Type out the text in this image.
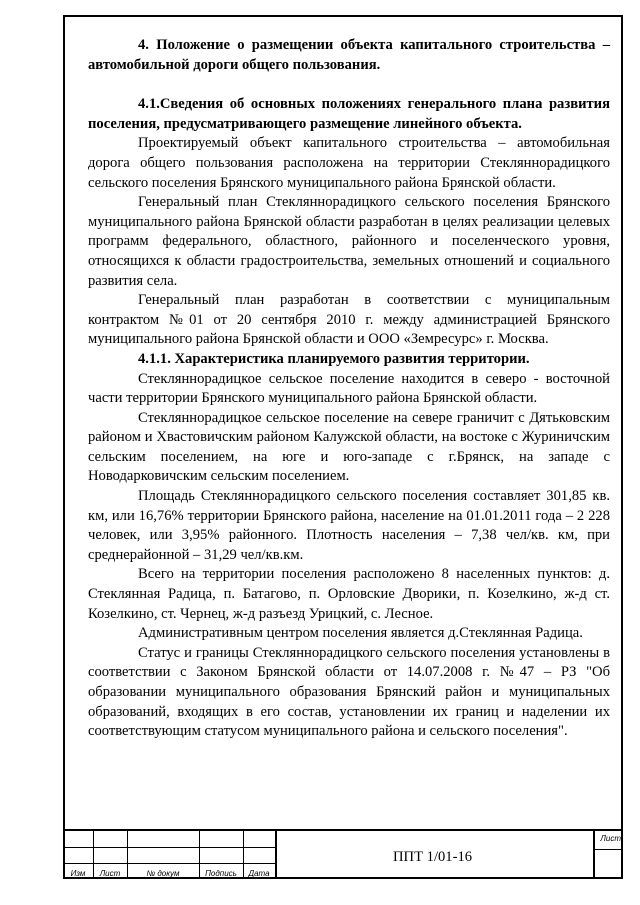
4. Положение о размещении объекта капитального строительства – автомобильной дороги общего пользования.
4.1.Сведения об основных положениях генерального плана развития поселения, предусматривающего размещение линейного объекта.

Проектируемый объект капитального строительства – автомобильная дорога общего пользования расположена на территории Стекляннорадицкого сельского поселения Брянского муниципального района Брянской области.

Генеральный план Стекляннорадицкого сельского поселения Брянского муниципального района Брянской области разработан в целях реализации целевых программ федерального, областного, районного и поселенческого уровня, относящихся к области градостроительства, земельных отношений и социального развития села.

Генеральный план разработан в соответствии с муниципальным контрактом №01 от 20 сентября 2010 г. между администрацией Брянского муниципального района Брянской области и ООО «Земресурс» г. Москва.

4.1.1. Характеристика планируемого развития территории.

Стекляннорадицкое сельское поселение находится в северо - восточной части территории Брянского муниципального района Брянской области.

Стекляннорадицкое сельское поселение на севере граничит с Дятьковским районом и Хвастовичским районом Калужской области, на востоке с Журиничским сельским поселением, на юге и юго-западе с г.Брянск, на западе с Новодарковичским сельским поселением.

Площадь Стекляннорадицкого сельского поселения составляет 301,85 кв. км, или 16,76% территории Брянского района, население на 01.01.2011 года – 2 228 человек, или 3,95% районного. Плотность населения – 7,38 чел/кв. км, при среднерайонной – 31,29 чел/кв.км.

Всего на территории поселения расположено 8 населенных пунктов: д. Стеклянная Радица, п. Батагово, п. Орловские Дворики, п. Козелкино, ж-д ст. Козелкино, ст. Чернец, ж-д разъезд Урицкий, с. Лесное.

Административным центром поселения является д.Стеклянная Радица.

Статус и границы Стекляннорадицкого сельского поселения установлены в соответствии с Законом Брянской области от 14.07.2008 г. №47 – РЗ "Об образовании муниципального образования Брянский район и муниципальных образований, входящих в его состав, установлении их границ и наделении их соответствующим статусом муниципального района и сельского поселения".

Изм	Лист	№ докум	Подпись	Дата
ППТ 1/01-16
Лист
